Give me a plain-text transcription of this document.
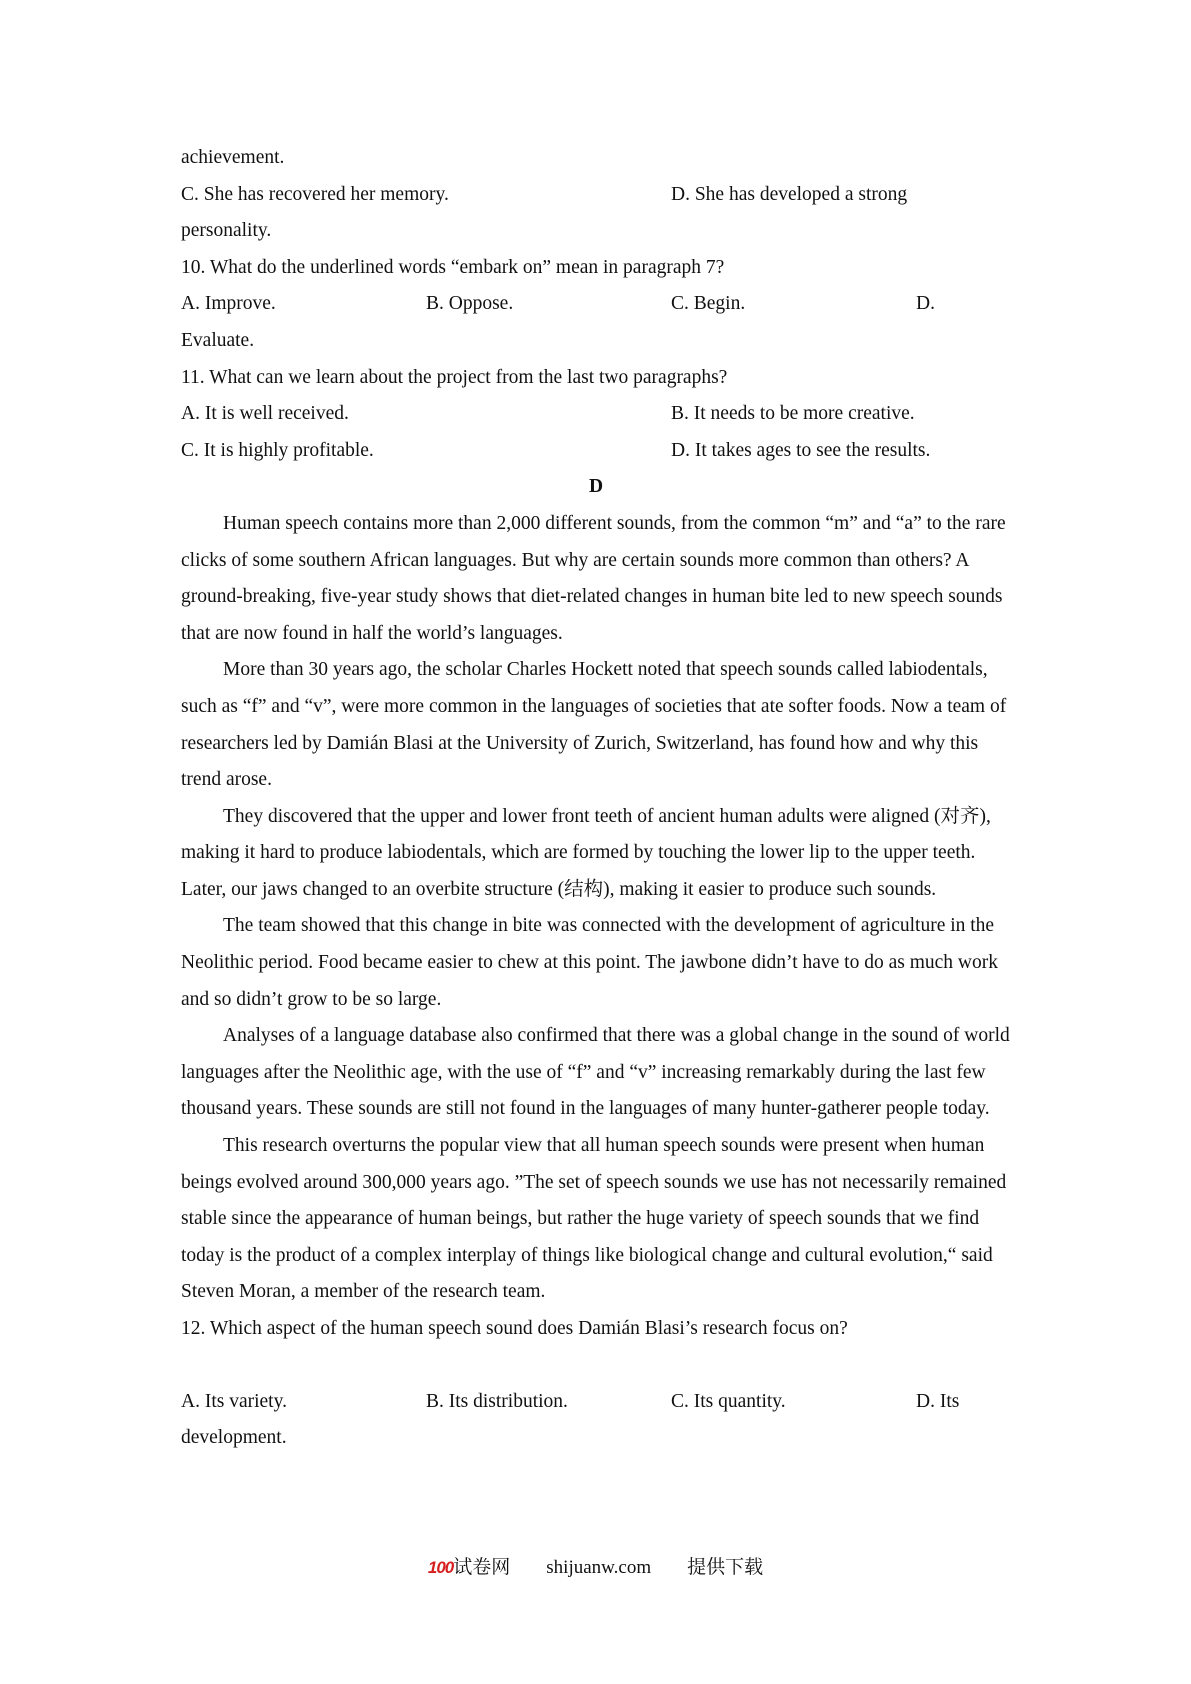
achievement.
C. She has recovered her memory.	D. She has developed a strong
personality.
10. What do the underlined words “embark on” mean in paragraph 7?
A. Improve.	B. Oppose.	C. Begin.	D.
Evaluate.
11. What can we learn about the project from the last two paragraphs?
A. It is well received.	B. It needs to be more creative.
C. It is highly profitable.	D. It takes ages to see the results.
D

Human speech contains more than 2,000 different sounds, from the common “m” and “a” to the rare clicks of some southern African languages. But why are certain sounds more common than others? A ground-breaking, five-year study shows that diet-related changes in human bite led to new speech sounds that are now found in half the world’s languages.

More than 30 years ago, the scholar Charles Hockett noted that speech sounds called labiodentals, such as “f” and “v”, were more common in the languages of societies that ate softer foods. Now a team of researchers led by Damián Blasi at the University of Zurich, Switzerland, has found how and why this trend arose.

They discovered that the upper and lower front teeth of ancient human adults were aligned (对齐), making it hard to produce labiodentals, which are formed by touching the lower lip to the upper teeth. Later, our jaws changed to an overbite structure (结构), making it easier to produce such sounds.

The team showed that this change in bite was connected with the development of agriculture in the Neolithic period. Food became easier to chew at this point. The jawbone didn’t have to do as much work and so didn’t grow to be so large.

Analyses of a language database also confirmed that there was a global change in the sound of world languages after the Neolithic age, with the use of “f” and “v” increasing remarkably during the last few thousand years. These sounds are still not found in the languages of many hunter-gatherer people today.

This research overturns the popular view that all human speech sounds were present when human beings evolved around 300,000 years ago. ”The set of speech sounds we use has not necessarily remained stable since the appearance of human beings, but rather the huge variety of speech sounds that we find today is the product of a complex interplay of things like biological change and cultural evolution,“ said Steven Moran, a member of the research team.

12. Which aspect of the human speech sound does Damián Blasi’s research focus on?
A. Its variety.	B. Its distribution.	C. Its quantity.	D. Its
development.
100试卷网 shijuanw.com 提供下载
